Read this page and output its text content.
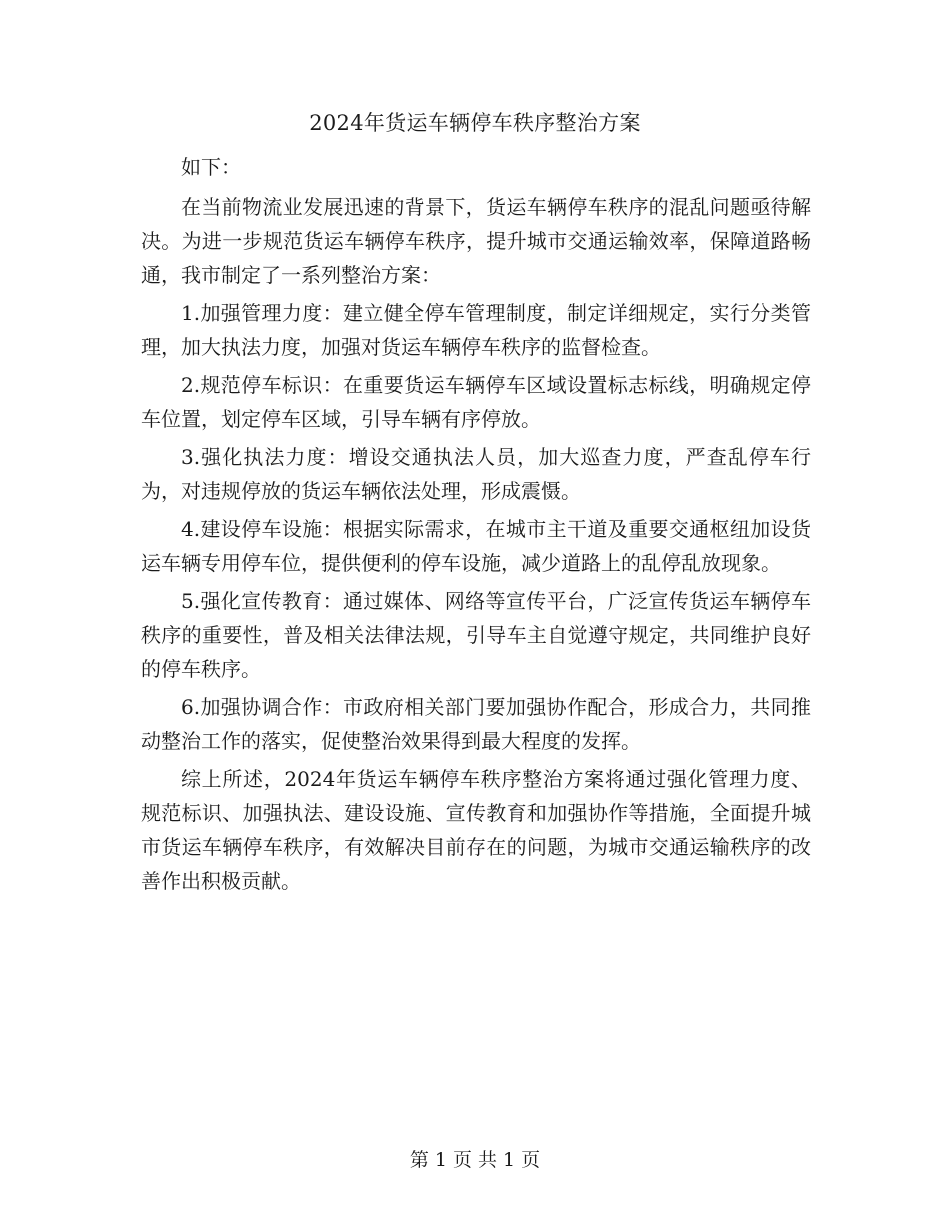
2024年货运车辆停车秩序整治方案

如下：

在当前物流业发展迅速的背景下，货运车辆停车秩序的混乱问题亟待解决。为进一步规范货运车辆停车秩序，提升城市交通运输效率，保障道路畅通，我市制定了一系列整治方案：

1.加强管理力度：建立健全停车管理制度，制定详细规定，实行分类管理，加大执法力度，加强对货运车辆停车秩序的监督检查。

2.规范停车标识：在重要货运车辆停车区域设置标志标线，明确规定停车位置，划定停车区域，引导车辆有序停放。

3.强化执法力度：增设交通执法人员，加大巡查力度，严查乱停车行为，对违规停放的货运车辆依法处理，形成震慑。

4.建设停车设施：根据实际需求，在城市主干道及重要交通枢纽加设货运车辆专用停车位，提供便利的停车设施，减少道路上的乱停乱放现象。

5.强化宣传教育：通过媒体、网络等宣传平台，广泛宣传货运车辆停车秩序的重要性，普及相关法律法规，引导车主自觉遵守规定，共同维护良好的停车秩序。

6.加强协调合作：市政府相关部门要加强协作配合，形成合力，共同推动整治工作的落实，促使整治效果得到最大程度的发挥。

综上所述，2024年货运车辆停车秩序整治方案将通过强化管理力度、规范标识、加强执法、建设设施、宣传教育和加强协作等措施，全面提升城市货运车辆停车秩序，有效解决目前存在的问题，为城市交通运输秩序的改善作出积极贡献。

第 1 页 共 1 页
